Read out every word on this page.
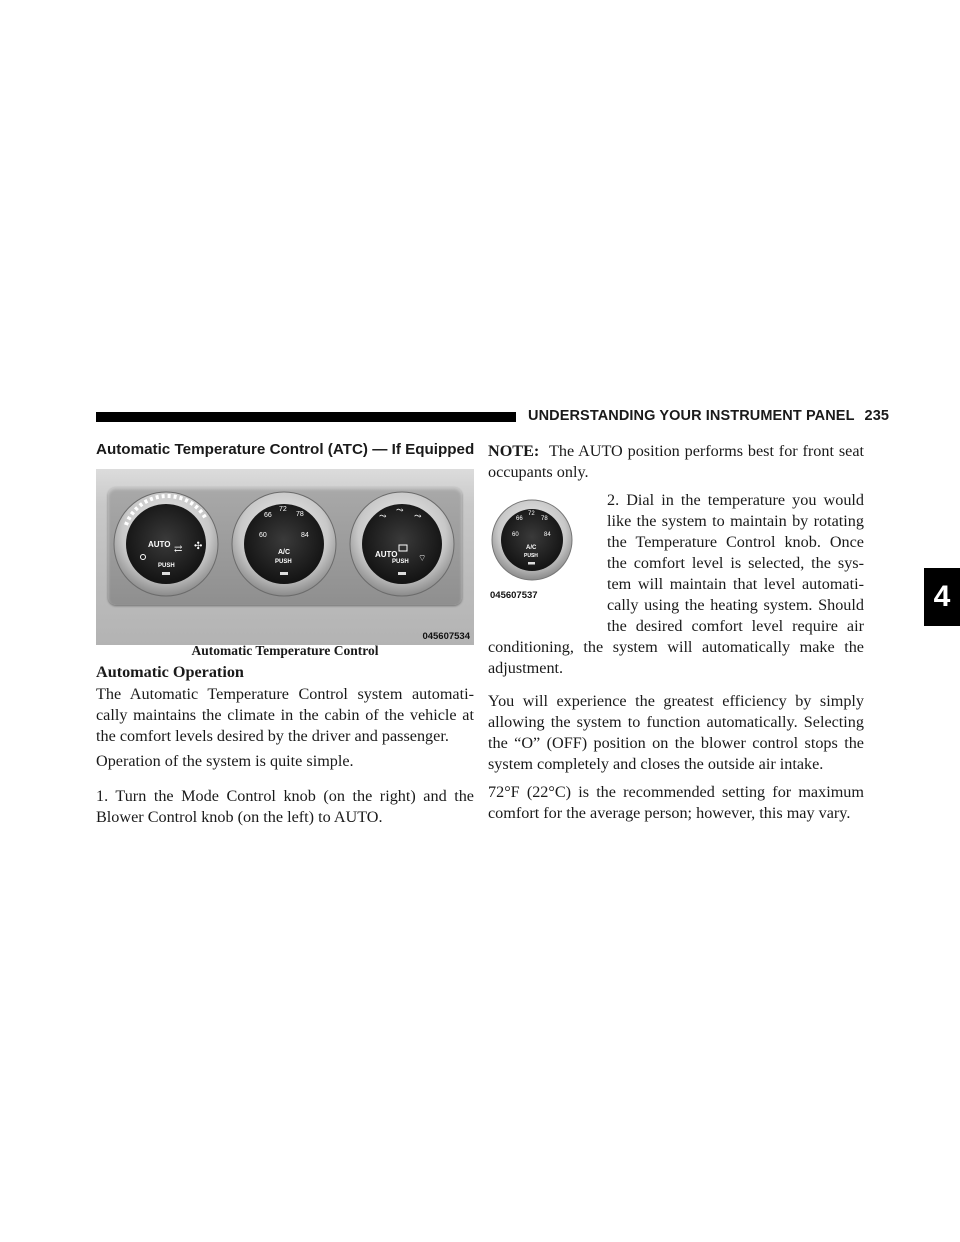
UNDERSTANDING YOUR INSTRUMENT PANEL 235
4
Automatic Temperature Control (ATC) — If Equipped
AUTO
PUSH
⇄ ✣
60
66
72
78
84
A/C
PUSH
⤳
⤳
⤳
AUTO
PUSH ⌔
045607534
Automatic Temperature Control
Automatic Operation
The Automatic Temperature Control system automati-
cally maintains the climate in the cabin of the vehicle at
the comfort levels desired by the driver and passenger.
Operation of the system is quite simple.
1. Turn the Mode Control knob (on the right) and the
Blower Control knob (on the left) to AUTO.
NOTE: The AUTO position performs best for front seat
occupants only.
60
66
72
78
84
A/C
PUSH
045607537
2. Dial in the temperature you would
like the system to maintain by rotating
the Temperature Control knob. Once
the comfort level is selected, the sys-
tem will maintain that level automati-
cally using the heating system. Should
the desired comfort level require air
conditioning, the system will automatically make the
adjustment.
You will experience the greatest efficiency by simply
allowing the system to function automatically. Selecting
the “O” (OFF) position on the blower control stops the
system completely and closes the outside air intake.
72°F (22°C) is the recommended setting for maximum
comfort for the average person; however, this may vary.
